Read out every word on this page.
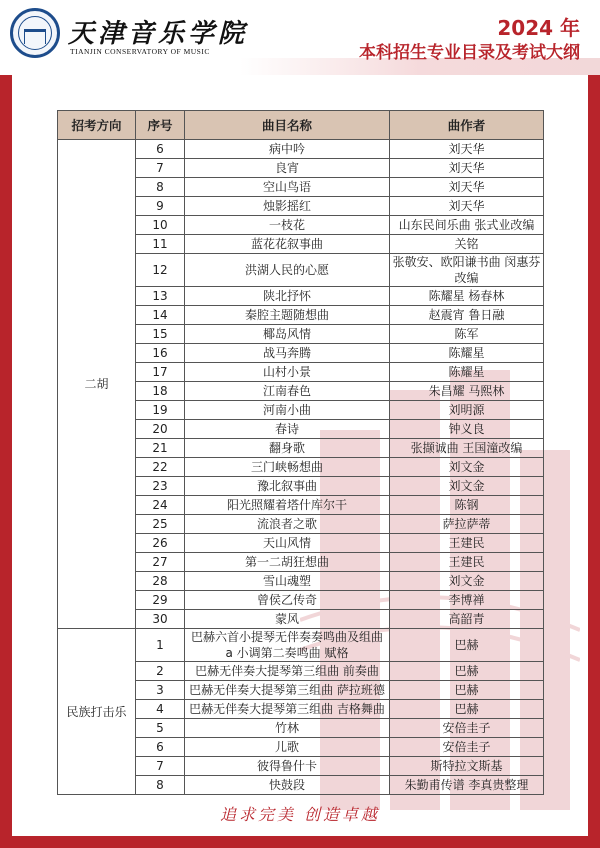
天津音乐学院
TIANJIN CONSERVATORY OF MUSIC
2024 年
本科招生专业目录及考试大纲
招考方向	序号	曲目名称	曲作者
二胡	6	病中吟	刘天华
	7	良宵	刘天华
	8	空山鸟语	刘天华
	9	烛影摇红	刘天华
	10	一枝花	山东民间乐曲 张式业改编
	11	蓝花花叙事曲	关铭
	12	洪湖人民的心愿	张敬安、欧阳谦书曲 闵惠芬改编
	13	陕北抒怀	陈耀星 杨春林
	14	秦腔主题随想曲	赵震宵 鲁日融
	15	椰岛风情	陈军
	16	战马奔腾	陈耀星
	17	山村小景	陈耀星
	18	江南春色	朱昌耀 马熙林
	19	河南小曲	刘明源
	20	春诗	钟义良
	21	翻身歌	张撷诚曲 王国潼改编
	22	三门峡畅想曲	刘文金
	23	豫北叙事曲	刘文金
	24	阳光照耀着塔什库尔干	陈钢
	25	流浪者之歌	萨拉萨蒂
	26	天山风情	王建民
	27	第一二胡狂想曲	王建民
	28	雪山魂塑	刘文金
	29	曾侯乙传奇	李博禅
	30	蒙风	高韶青
民族打击乐	1	巴赫六首小提琴无伴奏奏鸣曲及组曲 a 小调第二奏鸣曲 赋格	巴赫
	2	巴赫无伴奏大提琴第三组曲 前奏曲	巴赫
	3	巴赫无伴奏大提琴第三组曲 萨拉班德	巴赫
	4	巴赫无伴奏大提琴第三组曲 吉格舞曲	巴赫
	5	竹林	安倍圭子
	6	儿歌	安倍圭子
	7	彼得鲁什卡	斯特拉文斯基
	8	快鼓段	朱勤甫传谱 李真贵整理
追求完美 创造卓越
